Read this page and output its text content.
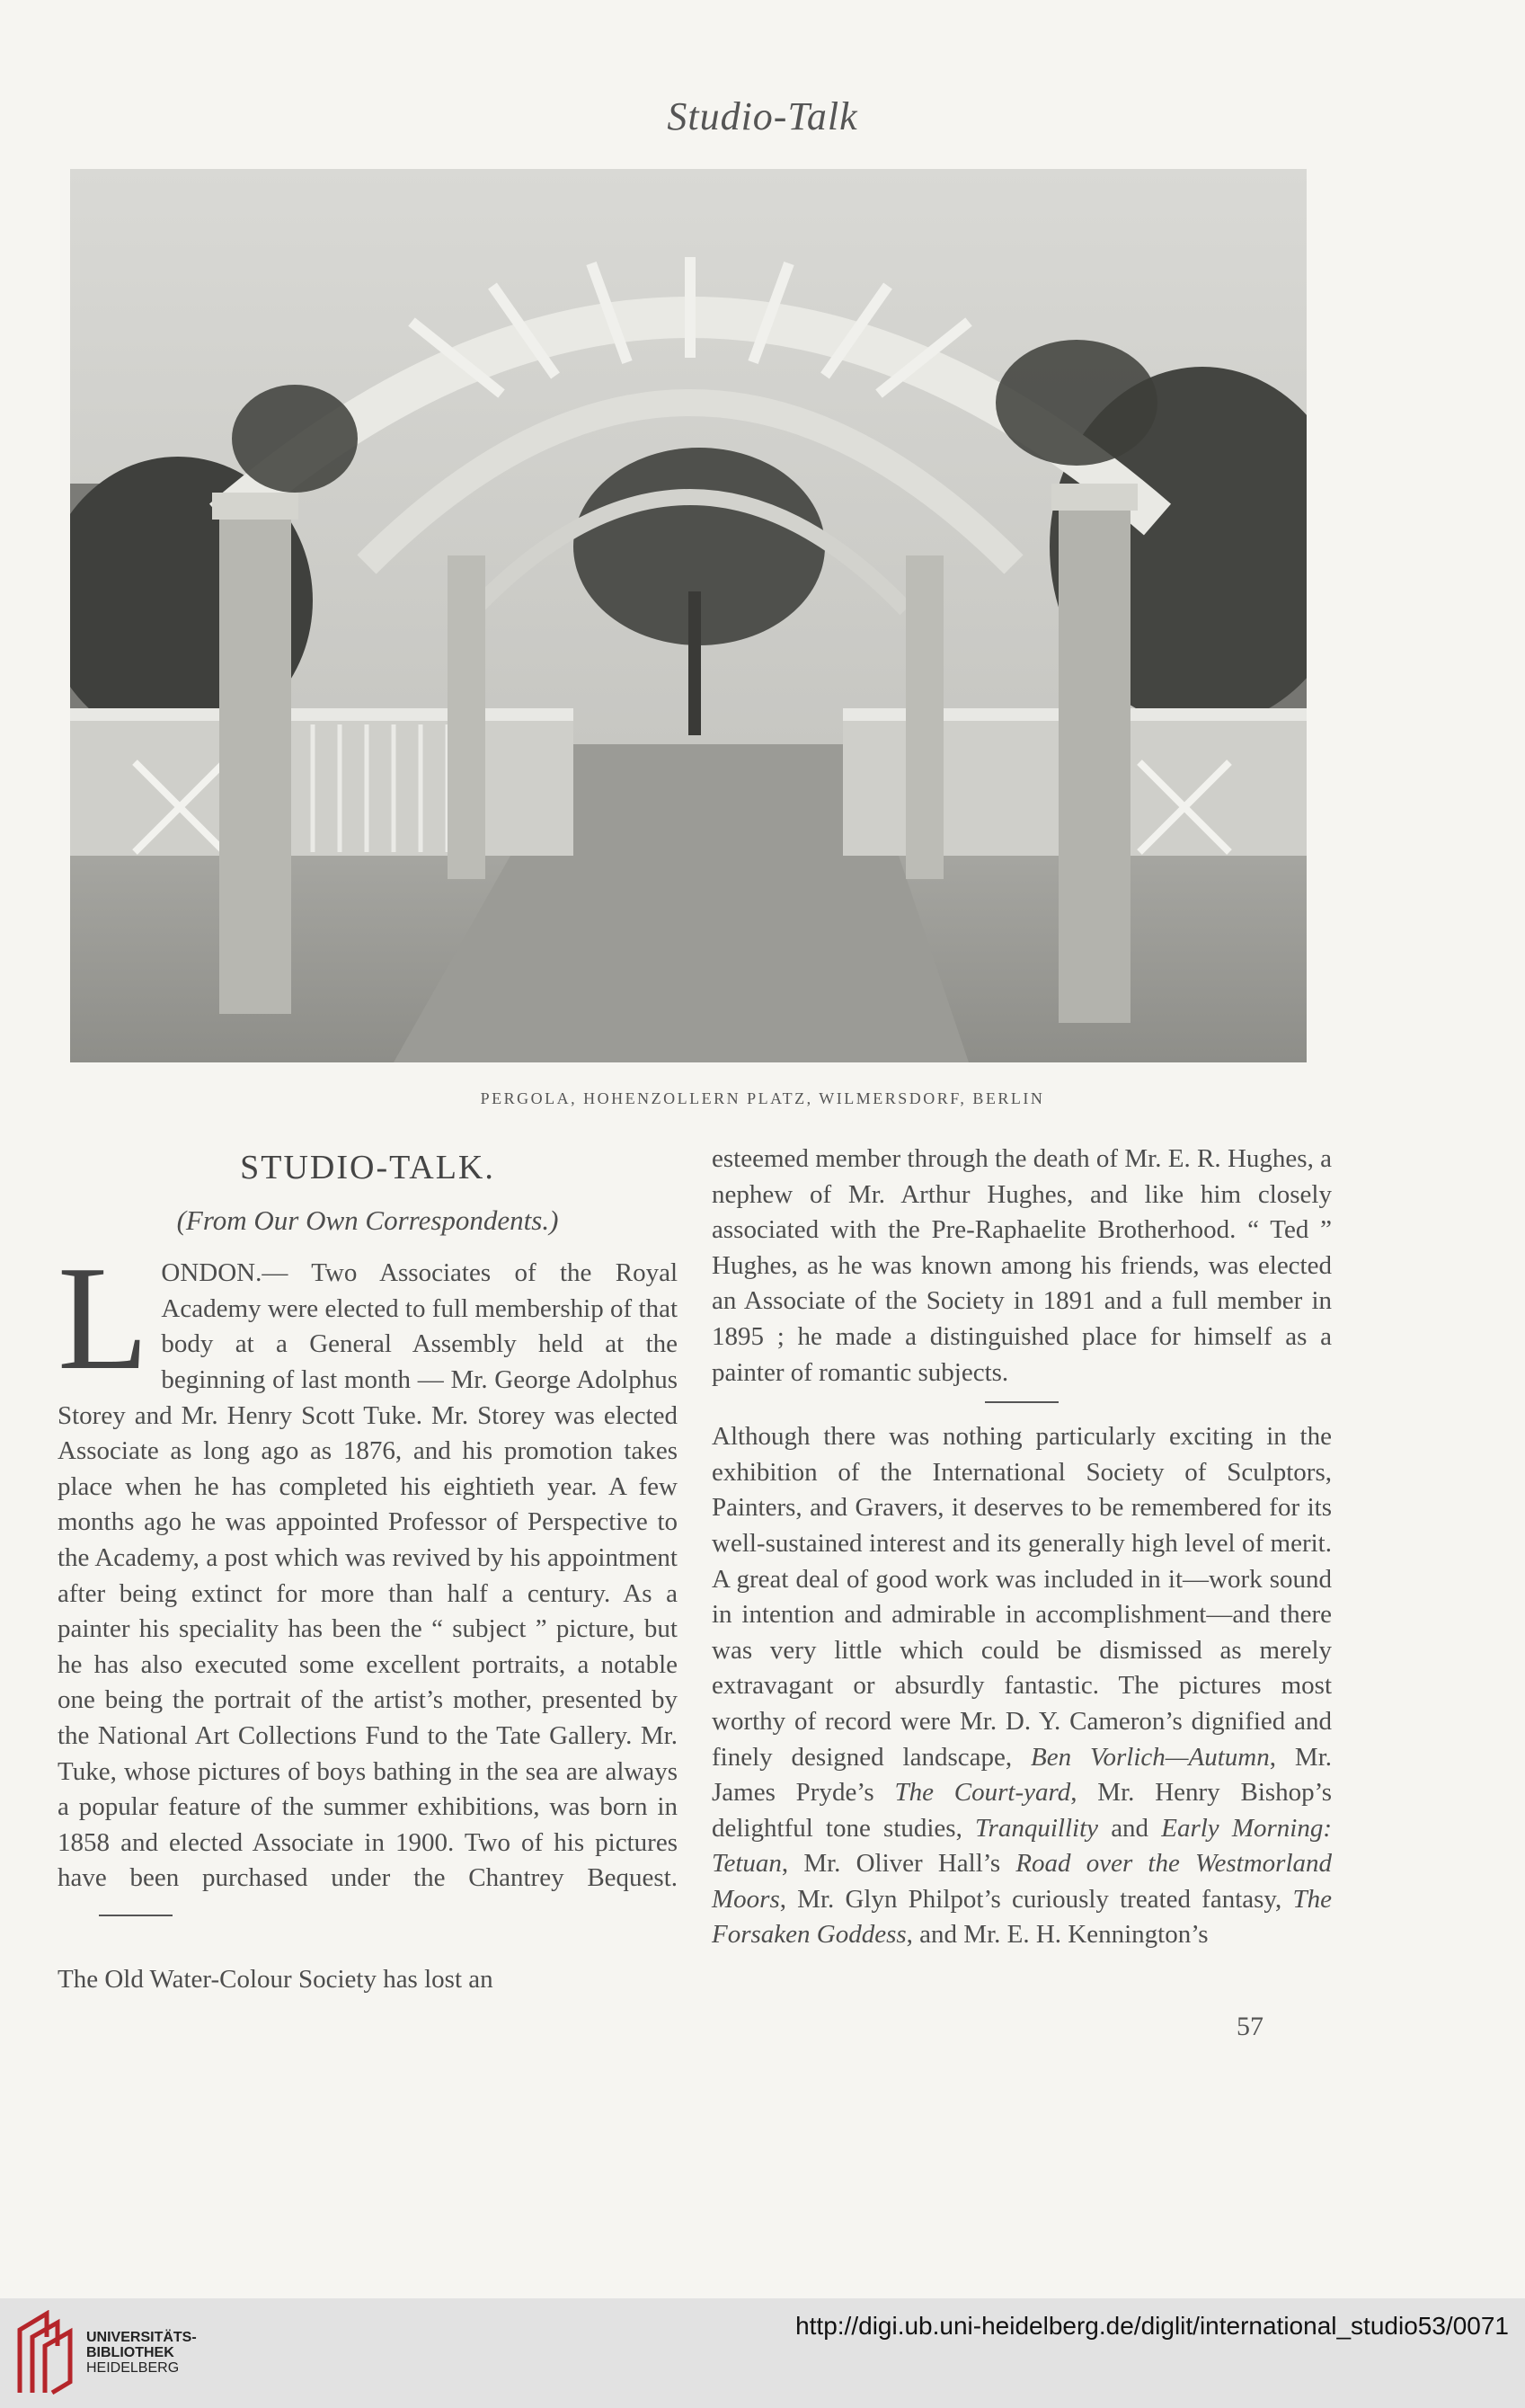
Studio-Talk
PERGOLA, HOHENZOLLERN PLATZ, WILMERSDORF, BERLIN
STUDIO-TALK.
(From Our Own Correspondents.)

LONDON.— Two Associates of the Royal Academy were elected to full membership of that body at a General Assembly held at the beginning of last month — Mr. George Adolphus Storey and Mr. Henry Scott Tuke. Mr. Storey was elected Associate as long ago as 1876, and his promotion takes place when he has completed his eightieth year. A few months ago he was appointed Professor of Perspective to the Academy, a post which was revived by his appointment after being extinct for more than half a century. As a painter his speciality has been the “ subject ” picture, but he has also executed some excellent portraits, a notable one being the portrait of the artist’s mother, presented by the National Art Collections Fund to the Tate Gallery. Mr. Tuke, whose pictures of boys bathing in the sea are always a popular feature of the summer exhibitions, was born in 1858 and elected Associate in 1900. Two of his pictures have been purchased under the Chantrey Bequest.

The Old Water-Colour Society has lost an

esteemed member through the death of Mr. E. R. Hughes, a nephew of Mr. Arthur Hughes, and like him closely associated with the Pre-Raphaelite Brotherhood. “ Ted ” Hughes, as he was known among his friends, was elected an Associate of the Society in 1891 and a full member in 1895 ; he made a distinguished place for himself as a painter of romantic subjects.

Although there was nothing particularly exciting in the exhibition of the International Society of Sculptors, Painters, and Gravers, it deserves to be remembered for its well-sustained interest and its generally high level of merit. A great deal of good work was included in it—work sound in intention and admirable in accomplishment—and there was very little which could be dismissed as merely extravagant or absurdly fantastic. The pictures most worthy of record were Mr. D. Y. Cameron’s dignified and finely designed landscape, Ben Vorlich—Autumn, Mr. James Pryde’s The Court-yard, Mr. Henry Bishop’s delightful tone studies, Tranquillity and Early Morning: Tetuan, Mr. Oliver Hall’s Road over the Westmorland Moors, Mr. Glyn Philpot’s curiously treated fantasy, The Forsaken Goddess, and Mr. E. H. Kennington’s

57
UNIVERSITÄTS-
BIBLIOTHEK
HEIDELBERG
http://digi.ub.uni-heidelberg.de/diglit/international_studio53/0071
